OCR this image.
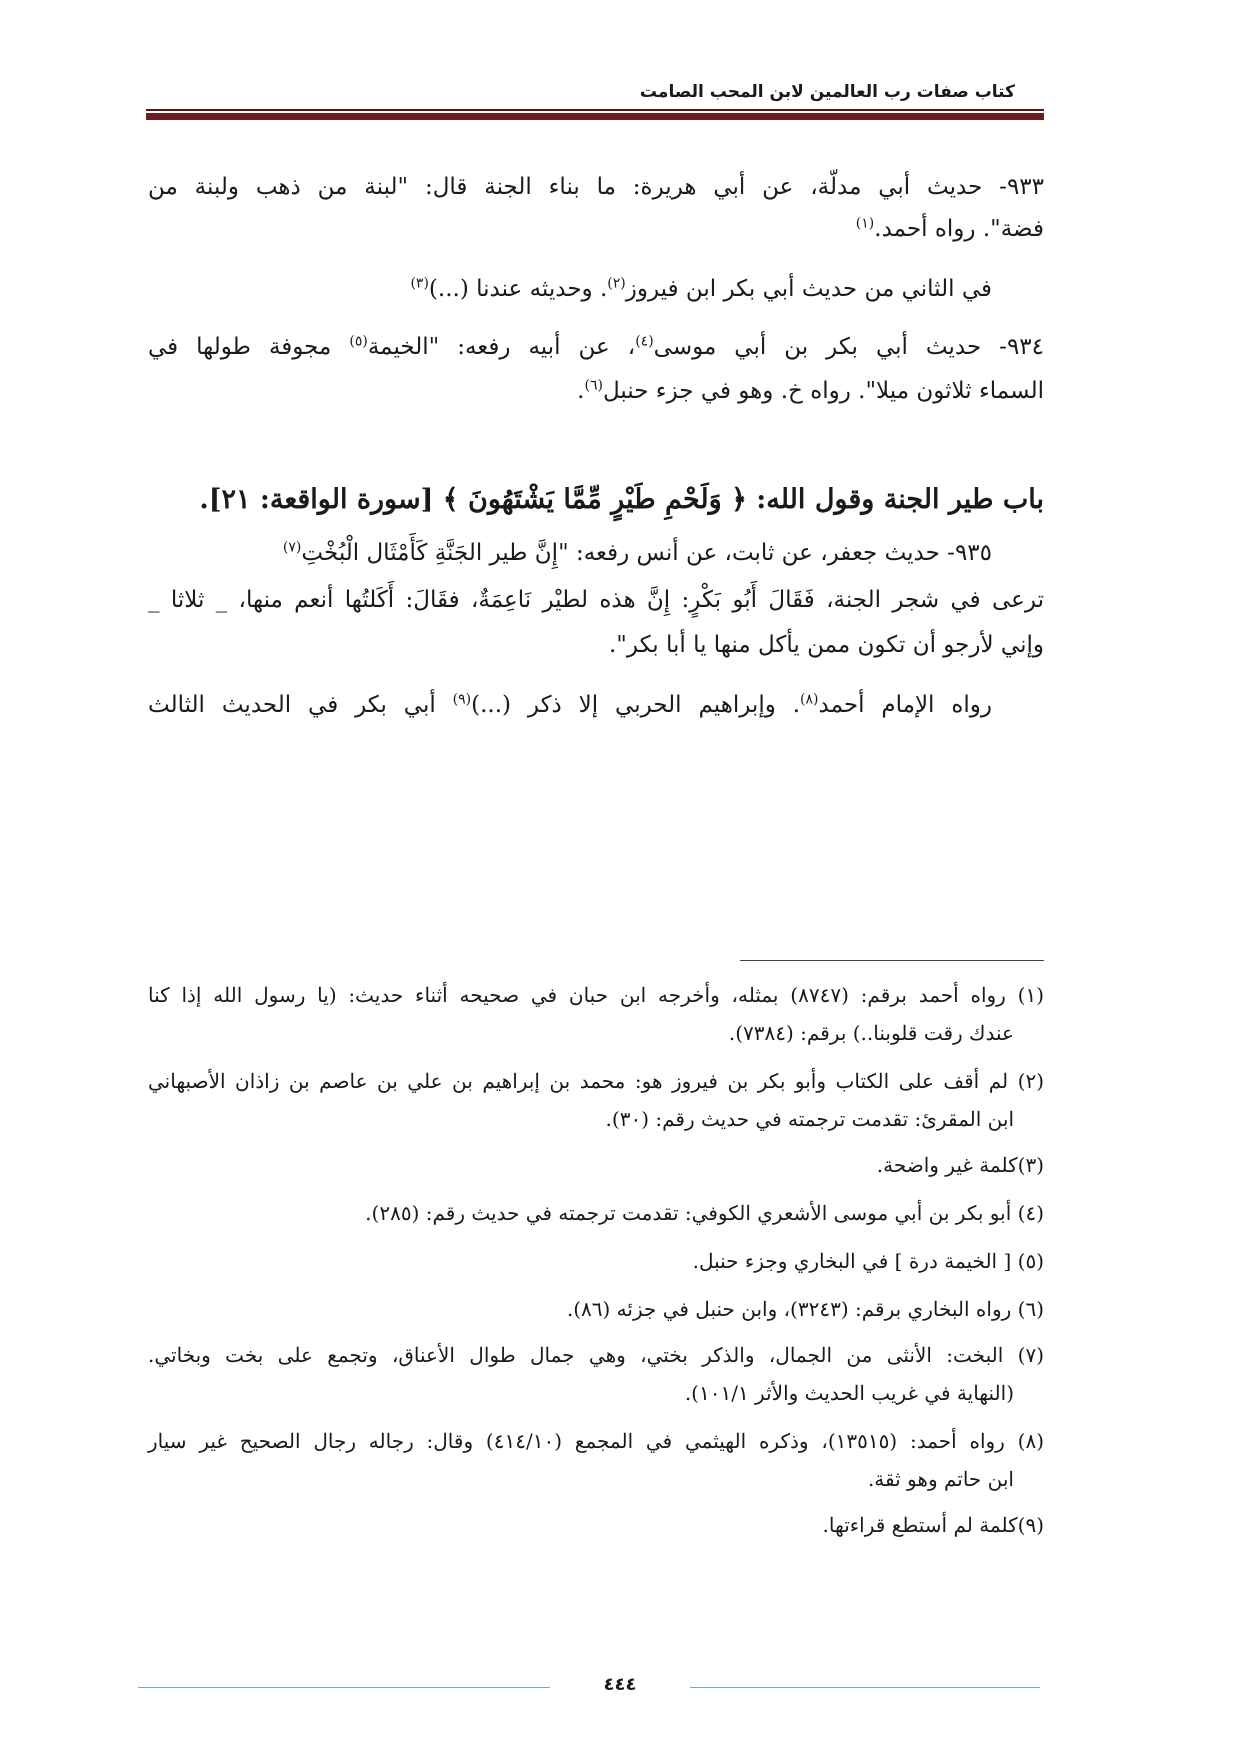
كتاب صفات رب العالمين لابن المحب الصامت
٩٣٣- حديث أبي مدلّة، عن أبي هريرة: ما بناء الجنة قال: "لبنة من ذهب ولبنة من
فضة". رواه أحمد.$^{(١)}$
في الثاني من حديث أبي بكر ابن فيروز$^{(٢)}$. وحديثه عندنا (...)$^{(٣)}$
٩٣٤- حديث أبي بكر بن أبي موسى$^{(٤)}$، عن أبيه رفعه: "الخيمة$^{(٥)}$ مجوفة طولها في
السماء ثلاثون ميلا". رواه خ. وهو في جزء حنبل$^{(٦)}$.
باب طير الجنة وقول الله: ﴿ وَلَحْمِ طَيْرٍ مِّمَّا يَشْتَهُونَ ﴾ [سورة الواقعة: ٢١].
٩٣٥- حديث جعفر، عن ثابت، عن أنس رفعه: "إِنَّ طير الجَنَّةِ كَأَمْثَال الْبُخْتِ$^{(٧)}$
ترعى في شجر الجنة، فَقَالَ أَبُو بَكْرٍ: إِنَّ هذه لطيْر نَاعِمَةٌ، فقَالَ: أَكَلتُها أنعم منها، _ ثلاثا _
وإني لأرجو أن تكون ممن يأكل منها يا أبا بكر".
رواه الإمام أحمد$^{(٨)}$. وإبراهيم الحربي إلا ذكر (...)$^{(٩)}$ أبي بكر في الحديث الثالث
(١) رواه أحمد برقم: (٨٧٤٧) بمثله، وأخرجه ابن حبان في صحيحه أثناء حديث: (يا رسول الله إذا كنا
عندك رقت قلوبنا..) برقم: (٧٣٨٤).
(٢) لم أقف على الكتاب وأبو بكر بن فيروز هو: محمد بن إبراهيم بن علي بن عاصم بن زاذان الأصبهاني
ابن المقرئ: تقدمت ترجمته في حديث رقم: (٣٠).
(٣)كلمة غير واضحة.
(٤) أبو بكر بن أبي موسى الأشعري الكوفي: تقدمت ترجمته في حديث رقم: (٢٨٥).
(٥) [ الخيمة درة ] في البخاري وجزء حنبل.
(٦) رواه البخاري برقم: (٣٢٤٣)، وابن حنبل في جزئه (٨٦).
(٧) البخت: الأنثى من الجمال، والذكر بختي، وهي جمال طوال الأعناق، وتجمع على بخت وبخاتي.
(النهاية في غريب الحديث والأثر ١٠١/١).
(٨) رواه أحمد: (١٣٥١٥)، وذكره الهيثمي في المجمع (٤١٤/١٠) وقال: رجاله رجال الصحيح غير سيار
ابن حاتم وهو ثقة.
(٩)كلمة لم أستطع قراءتها.
٤٤٤
